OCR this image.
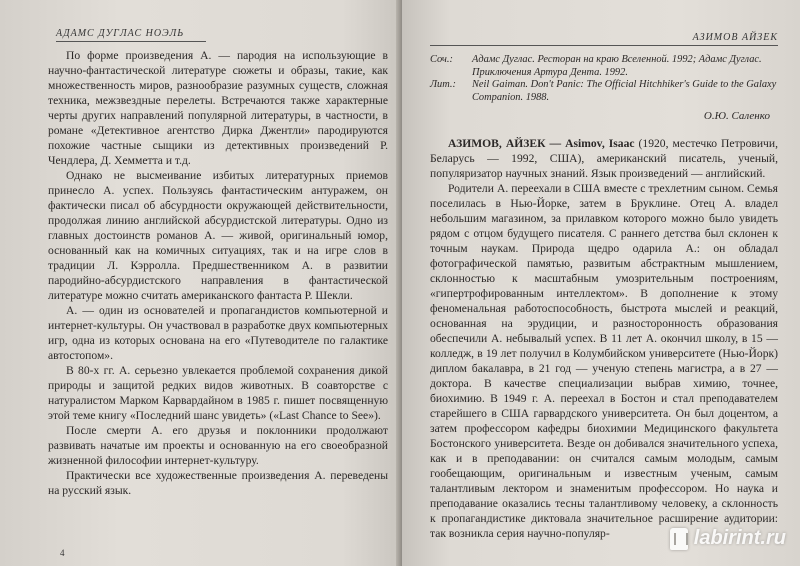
АДАМС ДУГЛАС НОЭЛЬ

По форме произведения А. — пародия на использующие в научно-фантастической литературе сюжеты и образы, такие, как множественность миров, разнообразие разумных существ, сложная техника, межзвездные перелеты. Встречаются также характерные черты других направлений популярной литературы, в частности, в романе «Детективное агентство Дирка Джентли» пародируются похожие частные сыщики из детективных произведений Р. Чендлера, Д. Хемметта и т.д.

Однако не высмеивание избитых литературных приемов принесло А. успех. Пользуясь фантастическим антуражем, он фактически писал об абсурдности окружающей действительности, продолжая линию английской абсурдистской литературы. Одно из главных достоинств романов А. — живой, оригинальный юмор, основанный как на комичных ситуациях, так и на игре слов в традиции Л. Кэрролла. Предшественником А. в развитии пародийно-абсурдистского направления в фантастической литературе можно считать американского фантаста Р. Шекли.

А. — один из основателей и пропагандистов компьютерной и интернет-культуры. Он участвовал в разработке двух компьютерных игр, одна из которых основана на его «Путеводителе по галактике автостопом».

В 80-х гг. А. серьезно увлекается проблемой сохранения дикой природы и защитой редких видов животных. В соавторстве с натуралистом Марком Карвардайном в 1985 г. пишет посвященную этой теме книгу «Последний шанс увидеть» («Last Chance to See»).

После смерти А. его друзья и поклонники продолжают развивать начатые им проекты и основанную на его своеобразной жизненной философии интернет-культуру.

Практически все художественные произведения А. переведены на русский язык.

4
АЗИМОВ АЙЗЕК
Соч.:	Адамс Дуглас. Ресторан на краю Вселенной. 1992; Адамс Дуглас. Приключения Артура Дента. 1992.
Лит.:	Neil Gaiman. Don't Panic: The Official Hitchhiker's Guide to the Galaxy Companion. 1988.
О.Ю. Саленко

АЗИМОВ, АЙЗЕК — Asimov, Isaac (1920, местечко Петровичи, Беларусь — 1992, США), американский писатель, ученый, популяризатор научных знаний. Язык произведений — английский.

Родители А. переехали в США вместе с трехлетним сыном. Семья поселилась в Нью-Йорке, затем в Бруклине. Отец А. владел небольшим магазином, за прилавком которого можно было увидеть рядом с отцом будущего писателя. С раннего детства был склонен к точным наукам. Природа щедро одарила А.: он обладал фотографической памятью, развитым абстрактным мышлением, склонностью к масштабным умозрительным построениям, «гипертрофированным интеллектом». В дополнение к этому феноменальная работоспособность, быстрота мыслей и реакций, основанная на эрудиции, и разносторонность образования обеспечили А. небывалый успех. В 11 лет А. окончил школу, в 15 — колледж, в 19 лет получил в Колумбийском университете (Нью-Йорк) диплом бакалавра, в 21 год — ученую степень магистра, а в 27 — доктора. В качестве специализации выбрав химию, точнее, биохимию. В 1949 г. А. переехал в Бостон и стал преподавателем старейшего в США гарвардского университета. Он был доцентом, а затем профессором кафедры биохимии Медицинского факультета Бостонского университета. Везде он добивался значительного успеха, как и в преподавании: он считался самым молодым, самым гообещающим, оригинальным и известным ученым, самым талантливым лектором и знаменитым профессором. Но наука и преподавание оказались тесны талантливому человеку, а склонность к пропагандистике диктовала значительное расширение аудитории: так возникла серия научно-популяр-	labirint.ru
